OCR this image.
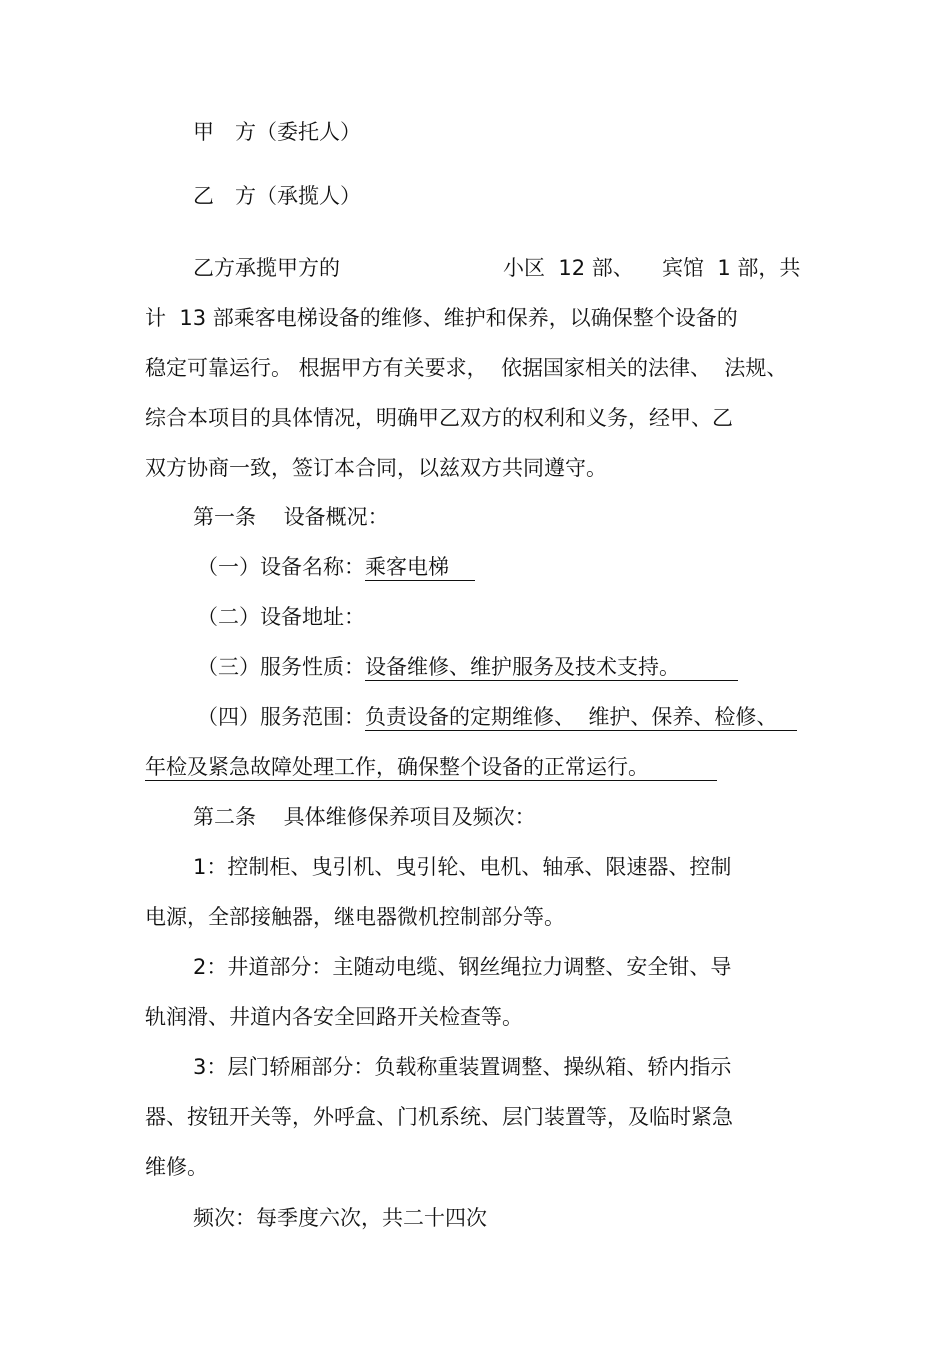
甲　方（委托人）
乙　方（承揽人）
乙方承揽甲方的	小区  12 部、 宾馆  1 部，共
计  13 部乘客电梯设备的维修、维护和保养，以确保整个设备的
稳定可靠运行。 根据甲方有关要求，  依据国家相关的法律、  法规、
综合本项目的具体情况，明确甲乙双方的权利和义务，经甲、乙
双方协商一致，签订本合同，以兹双方共同遵守。
第一条　 设备概况：
（一）设备名称：乘客电梯
（二）设备地址：
（三）服务性质：设备维修、维护服务及技术支持。
（四）服务范围：负责设备的定期维修、  维护、保养、检修、
年检及紧急故障处理工作，确保整个设备的正常运行。
第二条　 具体维修保养项目及频次：
1：控制柜、曳引机、曳引轮、电机、轴承、限速器、控制
电源，全部接触器，继电器微机控制部分等。
2：井道部分：主随动电缆、钢丝绳拉力调整、安全钳、导
轨润滑、井道内各安全回路开关检查等。
3：层门轿厢部分：负载称重装置调整、操纵箱、轿内指示
器、按钮开关等，外呼盒、门机系统、层门装置等，及临时紧急
维修。
频次：每季度六次，共二十四次
